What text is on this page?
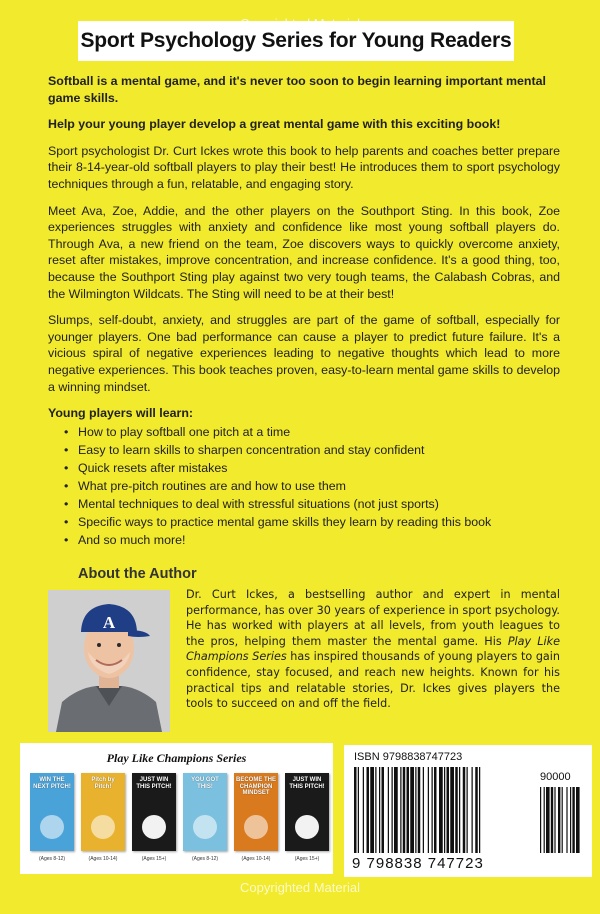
Sport Psychology Series for Young Readers

Softball is a mental game, and it's never too soon to begin learning important mental game skills.

Help your young player develop a great mental game with this exciting book!

Sport psychologist Dr. Curt Ickes wrote this book to help parents and coaches better prepare their 8-14-year-old softball players to play their best! He introduces them to sport psychology techniques through a fun, relatable, and engaging story.

Meet Ava, Zoe, Addie, and the other players on the Southport Sting. In this book, Zoe experiences struggles with anxiety and confidence like most young softball players do. Through Ava, a new friend on the team, Zoe discovers ways to quickly overcome anxiety, reset after mistakes, improve concentration, and increase confidence. It's a good thing, too, because the Southport Sting play against two very tough teams, the Calabash Cobras, and the Wilmington Wildcats. The Sting will need to be at their best!

Slumps, self-doubt, anxiety, and struggles are part of the game of softball, especially for younger players. One bad performance can cause a player to predict future failure. It's a vicious spiral of negative experiences leading to negative thoughts which lead to more negative experiences. This book teaches proven, easy-to-learn mental game skills to develop a winning mindset.

Young players will learn:
• How to play softball one pitch at a time
• Easy to learn skills to sharpen concentration and stay confident
• Quick resets after mistakes
• What pre-pitch routines are and how to use them
• Mental techniques to deal with stressful situations (not just sports)
• Specific ways to practice mental game skills they learn by reading this book
• And so much more!
About the Author
A
Dr. Curt Ickes, a bestselling author and expert in mental performance, has over 30 years of experience in sport psychology. He has worked with players at all levels, from youth leagues to the pros, helping them master the mental game. His Play Like Champions Series has inspired thousands of young players to gain confidence, stay focused, and reach new heights. Known for his practical tips and relatable stories, Dr. Ickes gives players the tools to succeed on and off the field.
Play Like Champions Series
WIN THE NEXT PITCH!
(Ages 8-12)
Pitch by Pitch!
(Ages 10-14)
JUST WIN THIS PITCH!
(Ages 15+)
YOU GOT THIS!
(Ages 8-12)
BECOME THE CHAMPION MINDSET
(Ages 10-14)
JUST WIN THIS PITCH!
(Ages 15+)
ISBN 9798838747723
90000
9 798838 747723
Copyrighted Material
